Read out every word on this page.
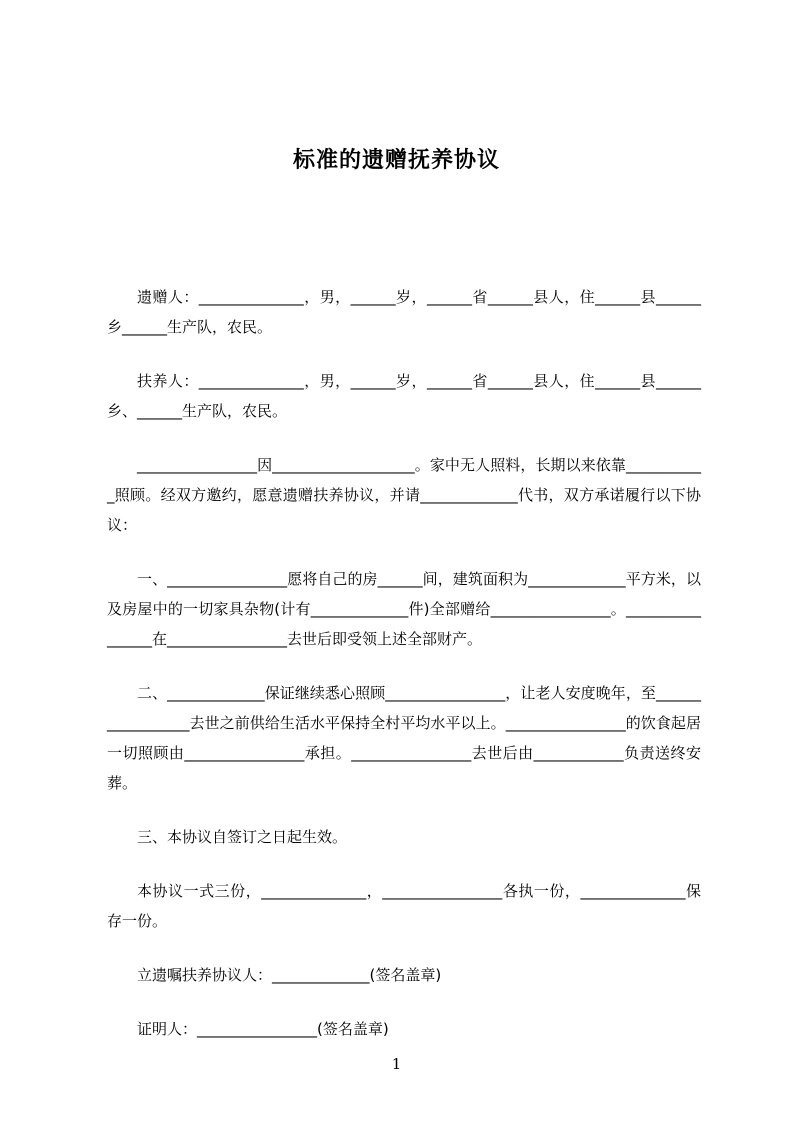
标准的遗赠抚养协议

遗赠人：______________，男，______岁，______省______县人，住______县______乡______生产队，农民。

扶养人：______________，男，______岁，______省______县人，住______县______乡、______生产队，农民。

________________因___________________。家中无人照料，长期以来依靠___________照顾。经双方邀约，愿意遗赠扶养协议，并请_____________代书，双方承诺履行以下协议：

一、________________愿将自己的房______间，建筑面积为_____________平方米，以及房屋中的一切家具杂物(计有_____________件)全部赠给________________。________________在________________去世后即受领上述全部财产。

二、_____________保证继续悉心照顾________________，让老人安度晚年，至_________________去世之前供给生活水平保持全村平均水平以上。________________的饮食起居一切照顾由________________承担。________________去世后由____________负责送终安葬。

三、本协议自签订之日起生效。

本协议一式三份，______________，________________各执一份，______________保存一份。

立遗嘱扶养协议人：_____________(签名盖章)

证明人：________________(签名盖章)

1
